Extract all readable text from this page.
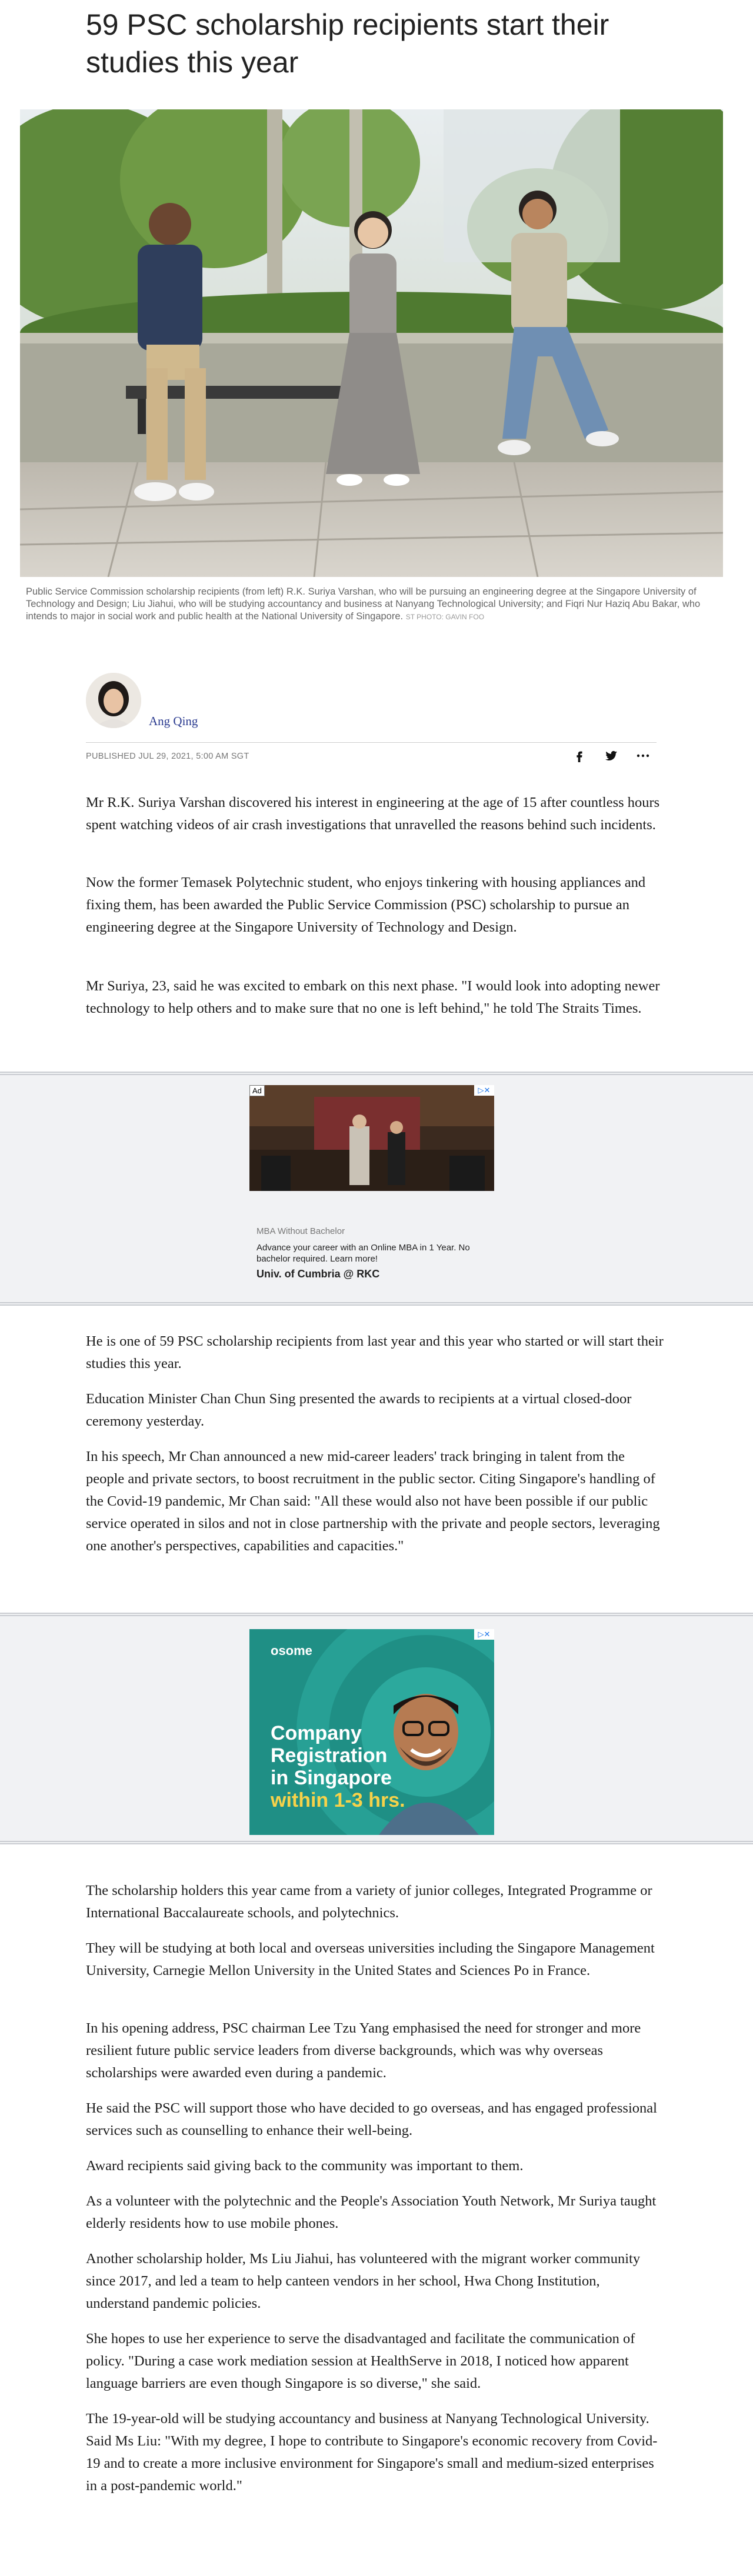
59 PSC scholarship recipients start their studies this year

Public Service Commission scholarship recipients (from left) R.K. Suriya Varshan, who will be pursuing an engineering degree at the Singapore University of Technology and Design; Liu Jiahui, who will be studying accountancy and business at Nanyang Technological University; and Fiqri Nur Haziq Abu Bakar, who intends to major in social work and public health at the National University of Singapore. ST PHOTO: GAVIN FOO

Ang Qing
PUBLISHED JUL 29, 2021, 5:00 AM SGT

Mr R.K. Suriya Varshan discovered his interest in engineering at the age of 15 after countless hours spent watching videos of air crash investigations that unravelled the reasons behind such incidents.

Now the former Temasek Polytechnic student, who enjoys tinkering with housing appliances and fixing them, has been awarded the Public Service Commission (PSC) scholarship to pursue an engineering degree at the Singapore University of Technology and Design.

Mr Suriya, 23, said he was excited to embark on this next phase. "I would look into adopting newer technology to help others and to make sure that no one is left behind," he told The Straits Times.

Ad	▷✕
MBA Without Bachelor
Advance your career with an Online MBA in 1 Year. No bachelor required. Learn more!
Univ. of Cumbria @ RKC

He is one of 59 PSC scholarship recipients from last year and this year who started or will start their studies this year.

Education Minister Chan Chun Sing presented the awards to recipients at a virtual closed-door ceremony yesterday.

In his speech, Mr Chan announced a new mid-career leaders' track bringing in talent from the people and private sectors, to boost recruitment in the public sector. Citing Singapore's handling of the Covid-19 pandemic, Mr Chan said: "All these would also not have been possible if our public service operated in silos and not in close partnership with the private and people sectors, leveraging one another's perspectives, capabilities and capacities."

▷✕
osome
Company
Registration
in Singapore
within 1-3 hrs.

The scholarship holders this year came from a variety of junior colleges, Integrated Programme or International Baccalaureate schools, and polytechnics.

They will be studying at both local and overseas universities including the Singapore Management University, Carnegie Mellon University in the United States and Sciences Po in France.

In his opening address, PSC chairman Lee Tzu Yang emphasised the need for stronger and more resilient future public service leaders from diverse backgrounds, which was why overseas scholarships were awarded even during a pandemic.

He said the PSC will support those who have decided to go overseas, and has engaged professional services such as counselling to enhance their well-being.

Award recipients said giving back to the community was important to them.

As a volunteer with the polytechnic and the People's Association Youth Network, Mr Suriya taught elderly residents how to use mobile phones.

Another scholarship holder, Ms Liu Jiahui, has volunteered with the migrant worker community since 2017, and led a team to help canteen vendors in her school, Hwa Chong Institution, understand pandemic policies.

She hopes to use her experience to serve the disadvantaged and facilitate the communication of policy. "During a case work mediation session at HealthServe in 2018, I noticed how apparent language barriers are even though Singapore is so diverse," she said.

The 19-year-old will be studying accountancy and business at Nanyang Technological University. Said Ms Liu: "With my degree, I hope to contribute to Singapore's economic recovery from Covid-19 and to create a more inclusive environment for Singapore's small and medium-sized enterprises in a post-pandemic world."
